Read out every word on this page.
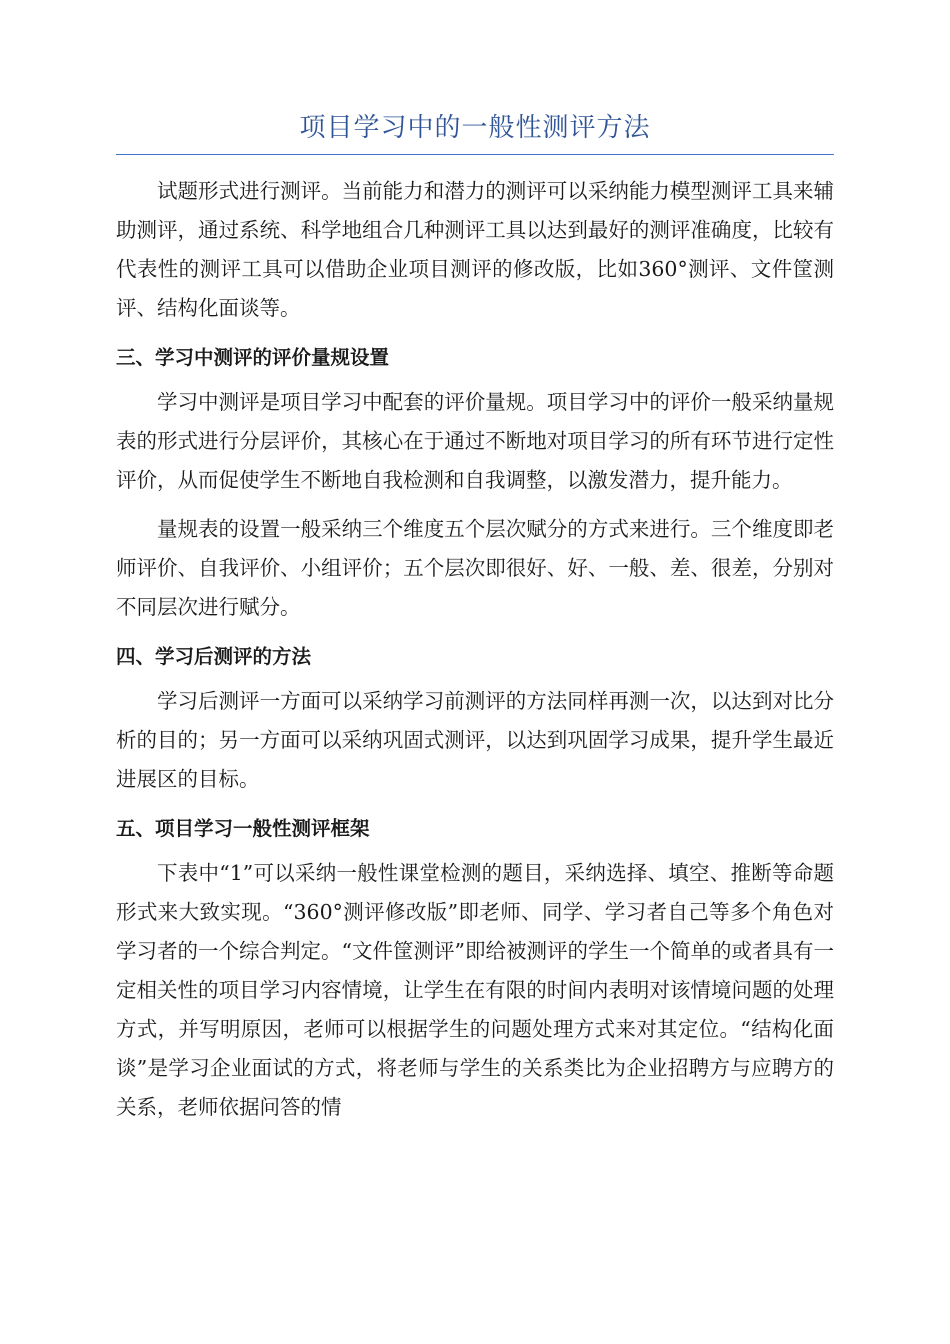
项目学习中的一般性测评方法

试题形式进行测评。当前能力和潜力的测评可以采纳能力模型测评工具来辅助测评，通过系统、科学地组合几种测评工具以达到最好的测评准确度，比较有代表性的测评工具可以借助企业项目测评的修改版，比如360°测评、文件筐测评、结构化面谈等。

三、学习中测评的评价量规设置

学习中测评是项目学习中配套的评价量规。项目学习中的评价一般采纳量规表的形式进行分层评价，其核心在于通过不断地对项目学习的所有环节进行定性评价，从而促使学生不断地自我检测和自我调整，以激发潜力，提升能力。

量规表的设置一般采纳三个维度五个层次赋分的方式来进行。三个维度即老师评价、自我评价、小组评价；五个层次即很好、好、一般、差、很差，分别对不同层次进行赋分。

四、学习后测评的方法

学习后测评一方面可以采纳学习前测评的方法同样再测一次，以达到对比分析的目的；另一方面可以采纳巩固式测评，以达到巩固学习成果，提升学生最近进展区的目标。

五、项目学习一般性测评框架

下表中“1”可以采纳一般性课堂检测的题目，采纳选择、填空、推断等命题形式来大致实现。“360°测评修改版”即老师、同学、学习者自己等多个角色对学习者的一个综合判定。“文件筐测评”即给被测评的学生一个简单的或者具有一定相关性的项目学习内容情境，让学生在有限的时间内表明对该情境问题的处理方式，并写明原因，老师可以根据学生的问题处理方式来对其定位。“结构化面谈”是学习企业面试的方式，将老师与学生的关系类比为企业招聘方与应聘方的关系，老师依据问答的情
